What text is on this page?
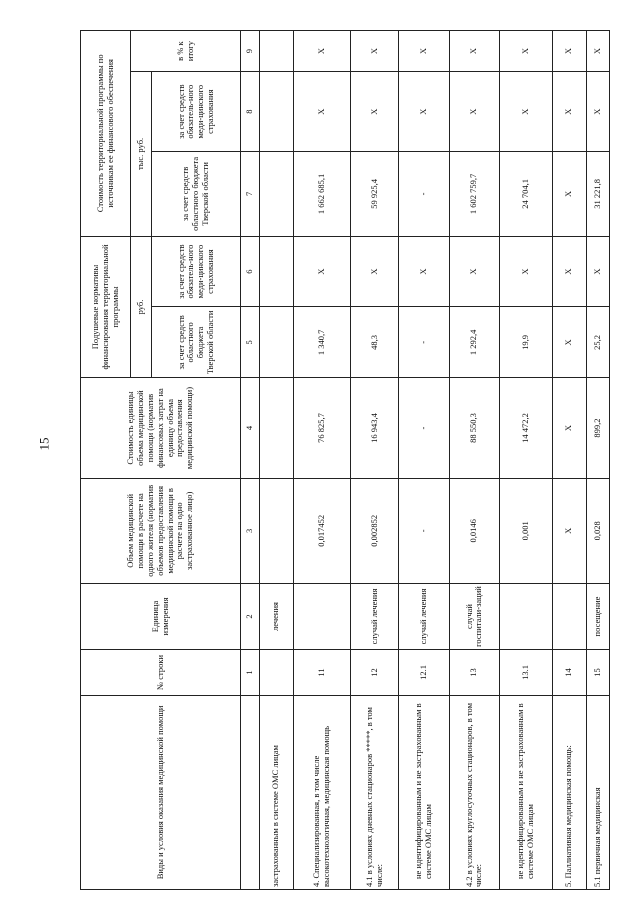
15
Виды и условия оказания медицинской помощи	№ строки	Единица измерения	Объем медицинской помощи в расчете на одного жителя (норматив объемов предоставления медицинской помощи в расчете на одно застрахованное лицо)	Стоимость единицы объема медицинской помощи (норматив финансовых затрат на единицу объема предоставления медицинской помощи)	Подушевые нормативы финансирования территориальной программы		Стоимость территориальной программы по источникам ее финансового обеспечения		
					руб.		тыс. руб.		в % к итогу
					за счет средств областного бюджета Тверской области	за счет средств обязатель-ного меди-цинского страхования	за счет средств областного бюджета Тверской области	за счет средств обязатель-ного меди-цинского страхования	
	1	2	3	4	5	6	7	8	9
застрахованным в системе ОМС лицам		лечения							
4. Специализированная, в том числе высокотехнологичная, медицинская помощь	11		0,017452	76 825,7	1 340,7	X	1 662 685,1	X	X
4.1 в условиях дневных стационаров *****, в том числе:	12	случай лечения	0,002852	16 943,4	48,3	X	59 925,4	X	X
не идентифицированным и не застрахованным в системе ОМС лицам	12.1	случай лечения	-	-	-	X	-	X	X
4.2 в условиях круглосуточных стационаров, в том числе:	13	случай госпитали-заций	0,0146	88 550,3	1 292,4	X	1 602 759,7	X	X
не идентифицированным и не застрахованным в системе ОМС лицам	13.1		0,001	14 472,2	19,9	X	24 704,1	X	X
5. Паллиативная медицинская помощь:	14		X	X	X	X	X	X	X
5.1 первичная медицинская	15	посещение	0,028	899,2	25,2	X	31 221,8	X	X
